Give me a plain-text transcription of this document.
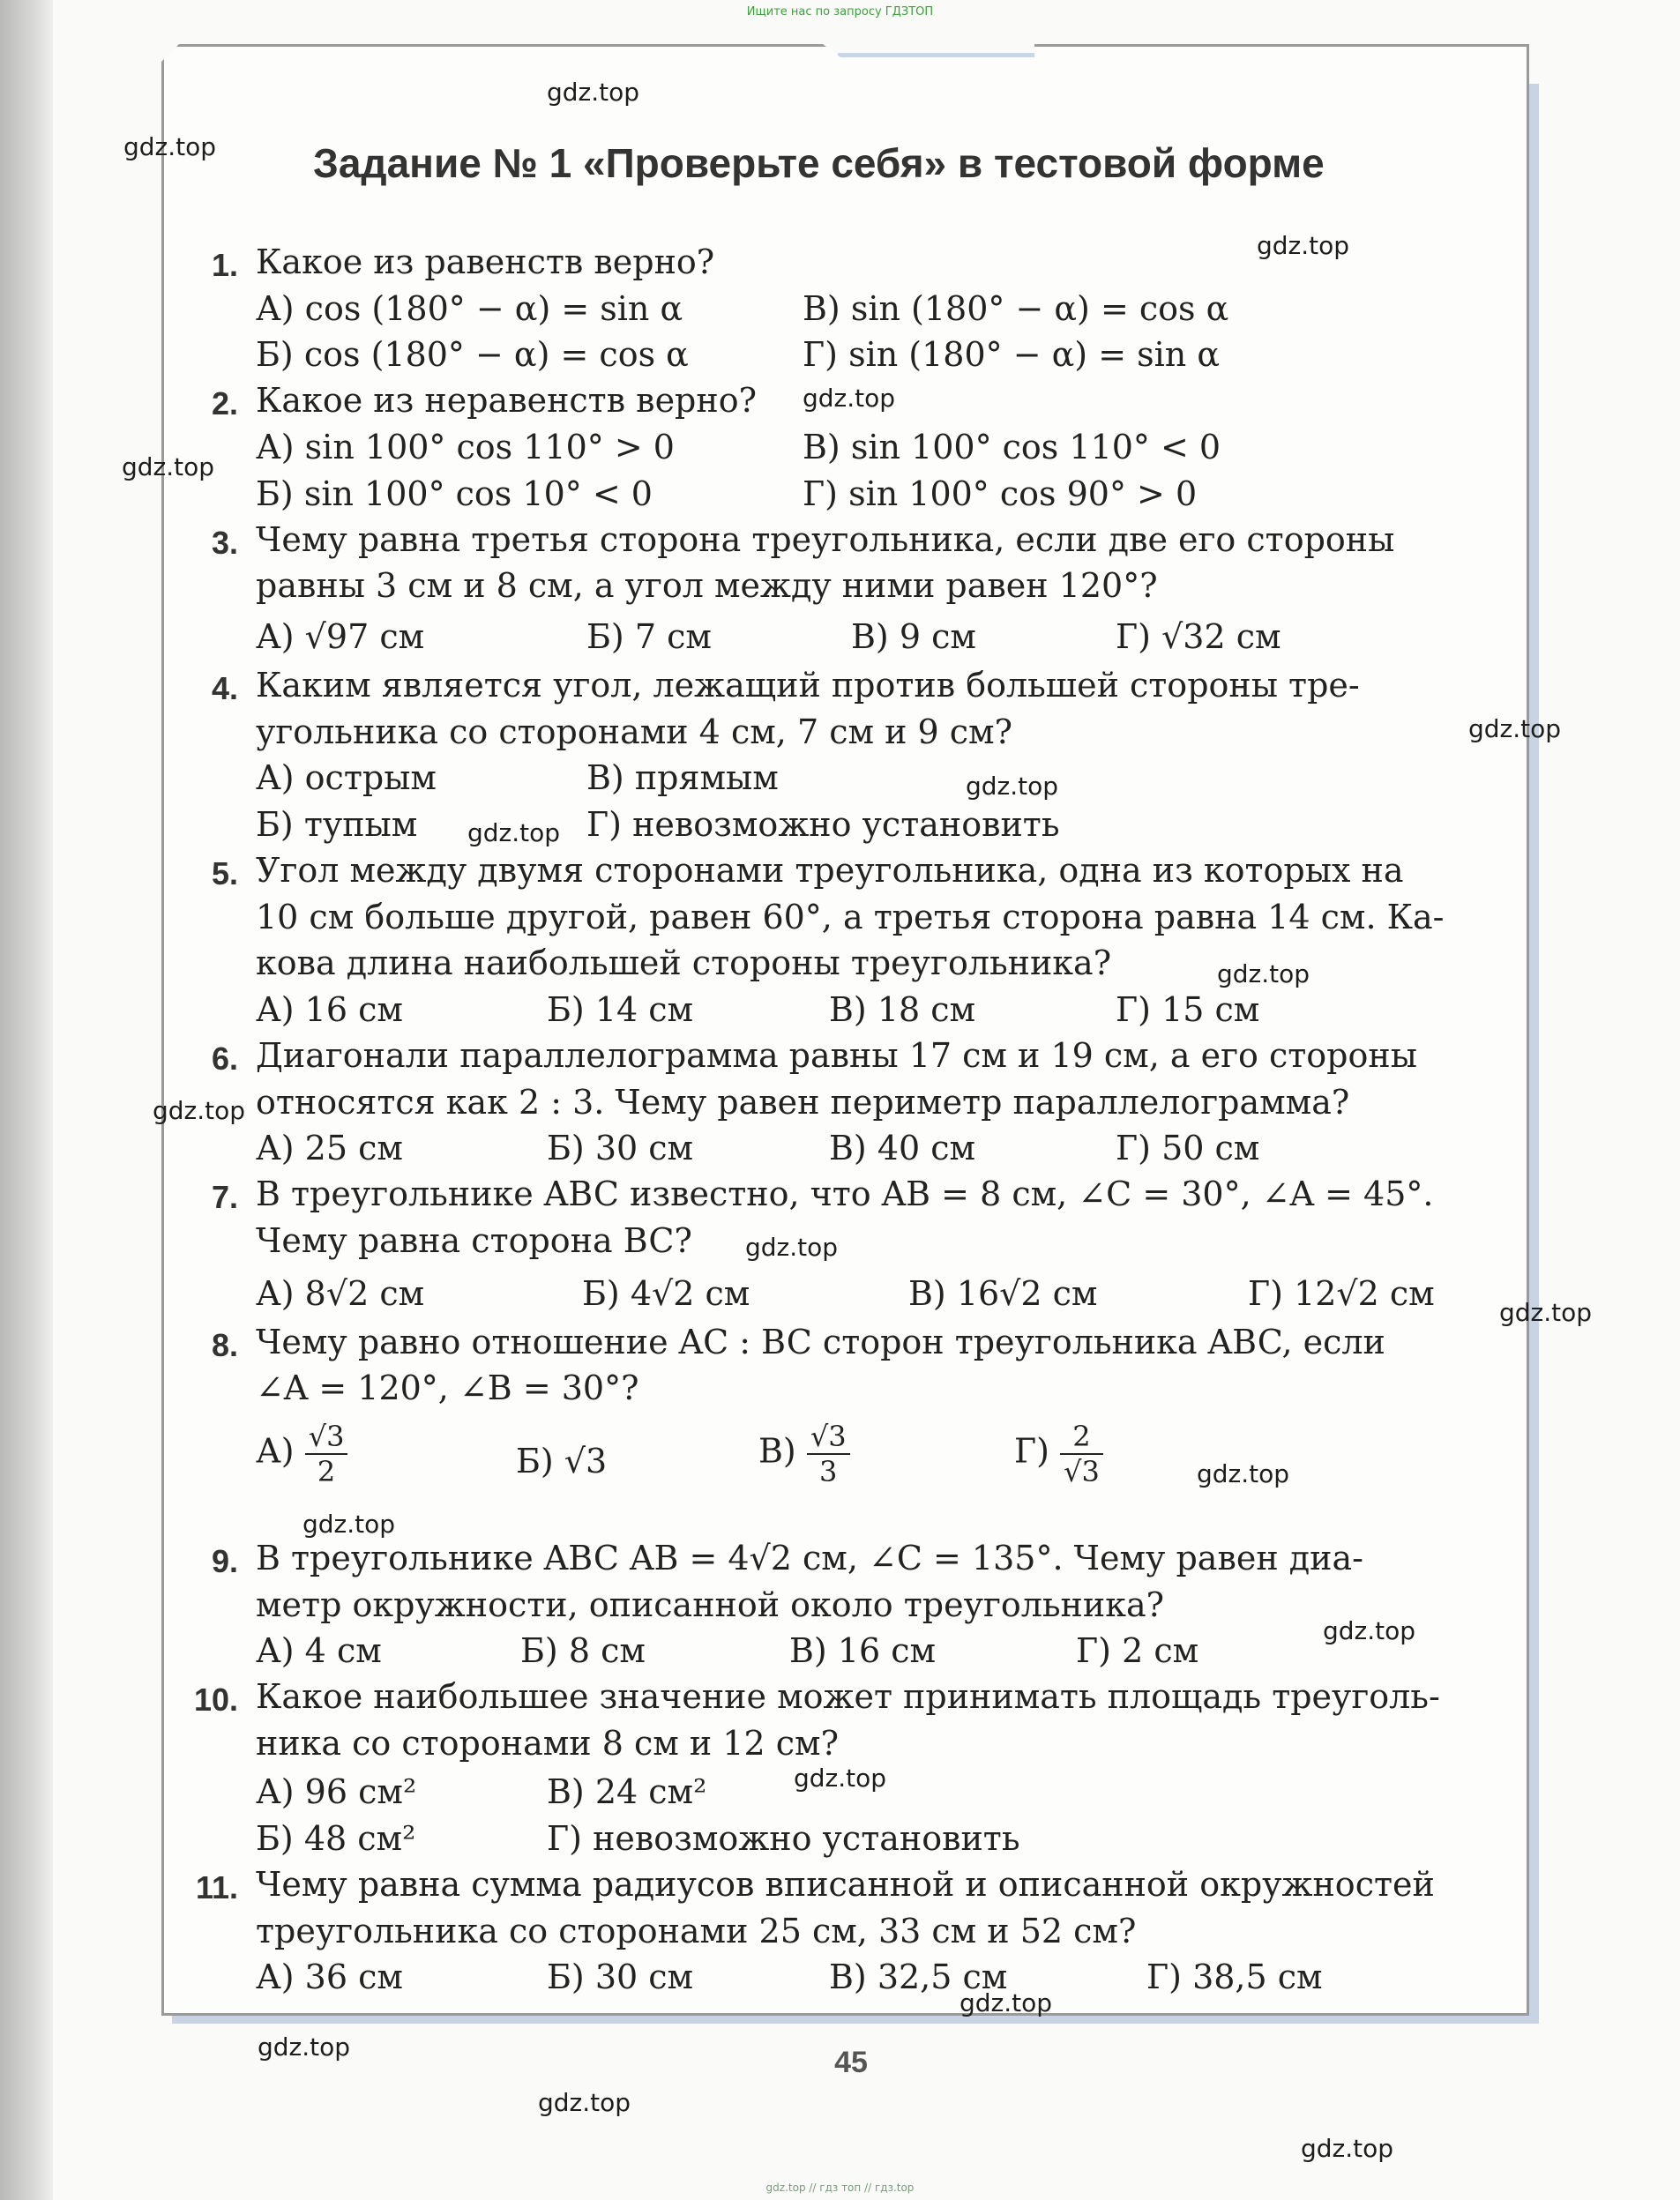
Ищите нас по запросу ГДЗТОП
Задание № 1 «Проверьте себя» в тестовой форме
1. Какое из равенств верно?
А) cos (180° − α) = sin α	В) sin (180° − α) = cos α
Б) cos (180° − α) = cos α	Г) sin (180° − α) = sin α
2. Какое из неравенств верно?
А) sin 100° cos 110° > 0	В) sin 100° cos 110° < 0
Б) sin 100° cos 10° < 0	Г) sin 100° cos 90° > 0
3. Чему равна третья сторона треугольника, если две его стороны
равны 3 см и 8 см, а угол между ними равен 120°?
А) √97 см	Б) 7 см	В) 9 см	Г) √32 см
4. Каким является угол, лежащий против большей стороны тре-
угольника со сторонами 4 см, 7 см и 9 см?
А) острым	В) прямым
Б) тупым	Г) невозможно установить
5. Угол между двумя сторонами треугольника, одна из которых на
10 см больше другой, равен 60°, а третья сторона равна 14 см. Ка-
кова длина наибольшей стороны треугольника?
А) 16 см	Б) 14 см	В) 18 см	Г) 15 см
6. Диагонали параллелограмма равны 17 см и 19 см, а его стороны
относятся как 2 : 3. Чему равен периметр параллелограмма?
А) 25 см	Б) 30 см	В) 40 см	Г) 50 см
7. В треугольнике ABC известно, что AB = 8 см, ∠C = 30°, ∠A = 45°.
Чему равна сторона BC?
А) 8√2 см	Б) 4√2 см	В) 16√2 см	Г) 12√2 см
8. Чему равно отношение AC : BC сторон треугольника ABC, если
∠A = 120°, ∠B = 30°?
$А) \frac{√3}{2}$	Б) √3	$В) \frac{√3}{3}$	$Г) \frac{2}{√3}$
9. В треугольнике ABC AB = 4√2 см, ∠C = 135°. Чему равен диа-
метр окружности, описанной около треугольника?
А) 4 см	Б) 8 см	В) 16 см	Г) 2 см
10. Какое наибольшее значение может принимать площадь треуголь-
ника со сторонами 8 см и 12 см?
А) 96 см²	В) 24 см²
Б) 48 см²	Г) невозможно установить
11. Чему равна сумма радиусов вписанной и описанной окружностей
треугольника со сторонами 25 см, 33 см и 52 см?
А) 36 см	Б) 30 см	В) 32,5 см	Г) 38,5 см
45
gdz.top
gdz.top
gdz.top
gdz.top
gdz.top
gdz.top
gdz.top
gdz.top
gdz.top
gdz.top
gdz.top
gdz.top
gdz.top
gdz.top
gdz.top
gdz.top
gdz.top
gdz.top
gdz.top
gdz.top
gdz.top // гдз топ // гдз.top
